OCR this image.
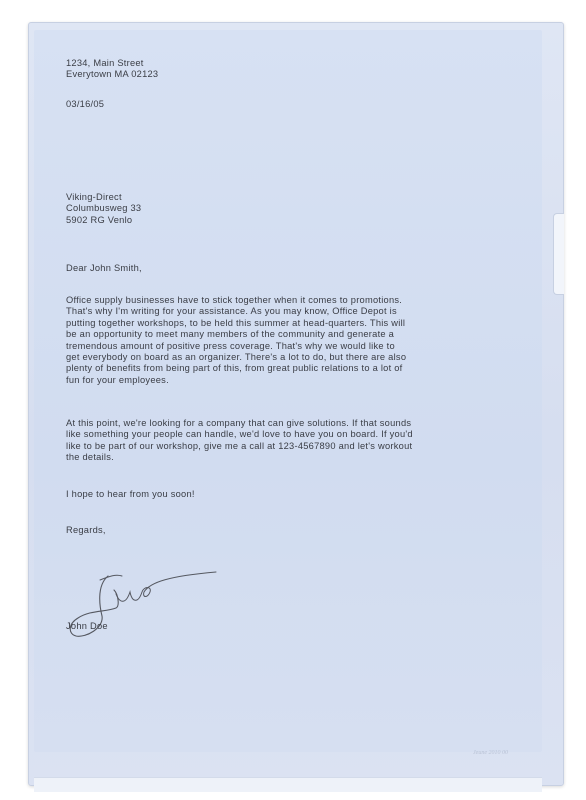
1234, Main Street
Everytown MA 02123

03/16/05

Viking-Direct
Columbusweg 33
5902 RG Venlo

Dear John Smith,

Office supply businesses have to stick together when it comes to promotions.
That's why I'm writing for your assistance. As you may know, Office Depot is
putting together workshops, to be held this summer at head-quarters. This will
be an opportunity to meet many members of the community and generate a
tremendous amount of positive press coverage. That's why we would like to
get everybody on board as an organizer. There's a lot to do, but there are also
plenty of benefits from being part of this, from great public relations to a lot of
fun for your employees.

At this point, we're looking for a company that can give solutions. If that sounds
like something your people can handle, we'd love to have you on board. If you'd
like to be part of our workshop, give me a call at 123-4567890 and let's workout
the details.

I hope to hear from you soon!

Regards,

John Doe

Jeune 2010 00
